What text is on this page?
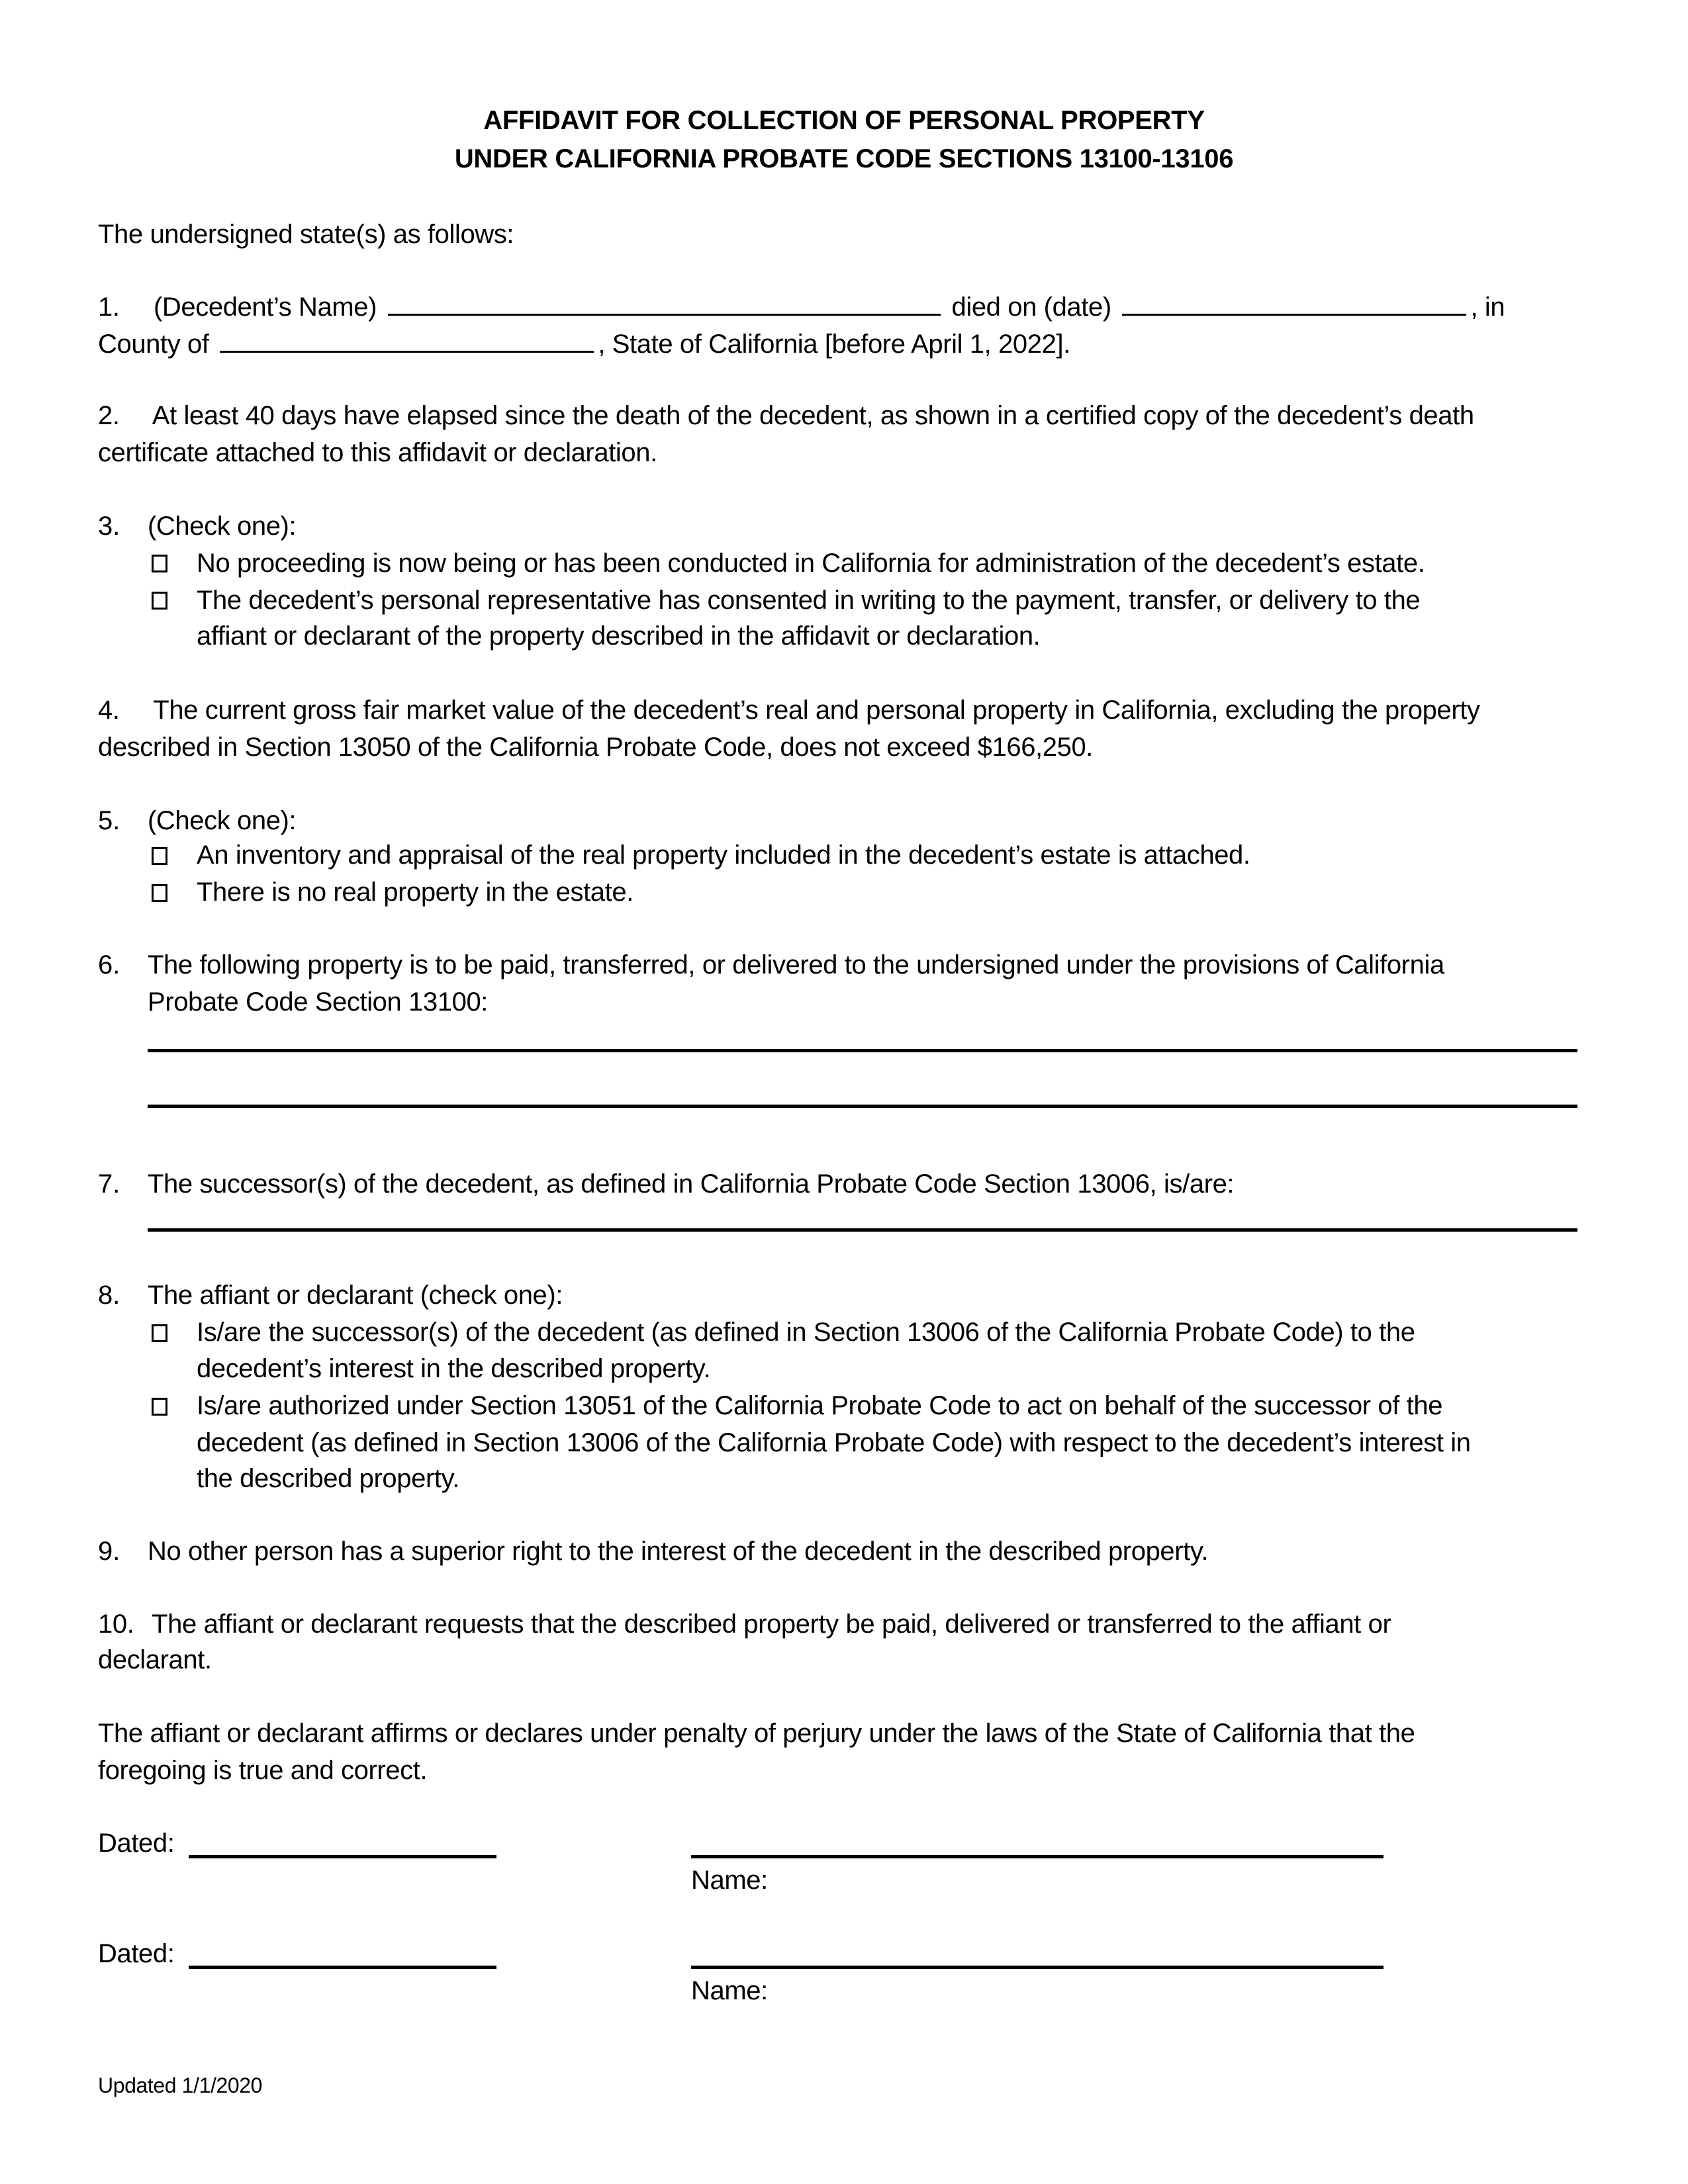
AFFIDAVIT FOR COLLECTION OF PERSONAL PROPERTY
UNDER CALIFORNIA PROBATE CODE SECTIONS 13100-13106
The undersigned state(s) as follows:
1. (Decedent’s Name)	died on (date)	, in
County of	, State of California [before April 1, 2022].
2. At least 40 days have elapsed since the death of the decedent, as shown in a certified copy of the decedent’s death
certificate attached to this affidavit or declaration.
3. (Check one):
No proceeding is now being or has been conducted in California for administration of the decedent’s estate.
The decedent’s personal representative has consented in writing to the payment, transfer, or delivery to the
affiant or declarant of the property described in the affidavit or declaration.
4. The current gross fair market value of the decedent’s real and personal property in California, excluding the property
described in Section 13050 of the California Probate Code, does not exceed $166,250.
5. (Check one):
An inventory and appraisal of the real property included in the decedent’s estate is attached.
There is no real property in the estate.
6. The following property is to be paid, transferred, or delivered to the undersigned under the provisions of California
Probate Code Section 13100:
7. The successor(s) of the decedent, as defined in California Probate Code Section 13006, is/are:
8. The affiant or declarant (check one):
Is/are the successor(s) of the decedent (as defined in Section 13006 of the California Probate Code) to the
decedent’s interest in the described property.
Is/are authorized under Section 13051 of the California Probate Code to act on behalf of the successor of the
decedent (as defined in Section 13006 of the California Probate Code) with respect to the decedent’s interest in
the described property.
9. No other person has a superior right to the interest of the decedent in the described property.
10. The affiant or declarant requests that the described property be paid, delivered or transferred to the affiant or
declarant.
The affiant or declarant affirms or declares under penalty of perjury under the laws of the State of California that the
foregoing is true and correct.
Dated:
Name:
Dated:
Name:
Updated 1/1/2020
